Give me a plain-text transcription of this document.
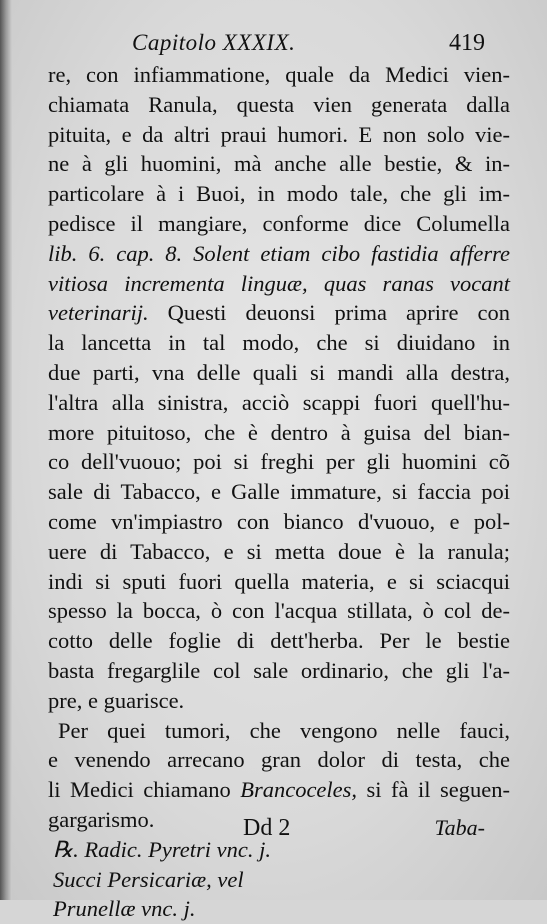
Capitolo XXXIX.	419
re, con infiammatione, quale da Medici vien‑
chiamata Ranula, questa vien generata dalla
pituita, e da altri praui humori. E non solo vie‑
ne à gli huomini, mà anche alle bestie, & in‑
particolare à i Buoi, in modo tale, che gli im‑
pedisce il mangiare, conforme dice Columella
lib. 6. cap. 8. Solent etiam cibo fastidia afferre
vitiosa incrementa linguæ, quas ranas vocant
veterinarij. Questi deuonsi prima aprire con
la lancetta in tal modo, che si diuidano in
due parti, vna delle quali si mandi alla destra,
l'altra alla sinistra, acciò scappi fuori quell'hu‑
more pituitoso, che è dentro à guisa del bian‑
co dell'vuouo; poi si freghi per gli huomini cõ
sale di Tabacco, e Galle immature, si faccia poi
come vn'impiastro con bianco d'vuouo, e pol‑
uere di Tabacco, e si metta doue è la ranula;
indi si sputi fuori quella materia, e si sciacqui
spesso la bocca, ò con l'acqua stillata, ò col de‑
cotto delle foglie di dett'herba. Per le bestie
basta fregarglile col sale ordinario, che gli l'a‑
pre, e guarisce.
Per quei tumori, che vengono nelle fauci,
e venendo arrecano gran dolor di testa, che
li Medici chiamano Brancoceles, si fà il seguen‑
gargarismo.
℞. Radic. Pyretri vnc. j.
Succi Persicariæ, vel
Prunellæ vnc. j.
Dd 2	Taba‑
